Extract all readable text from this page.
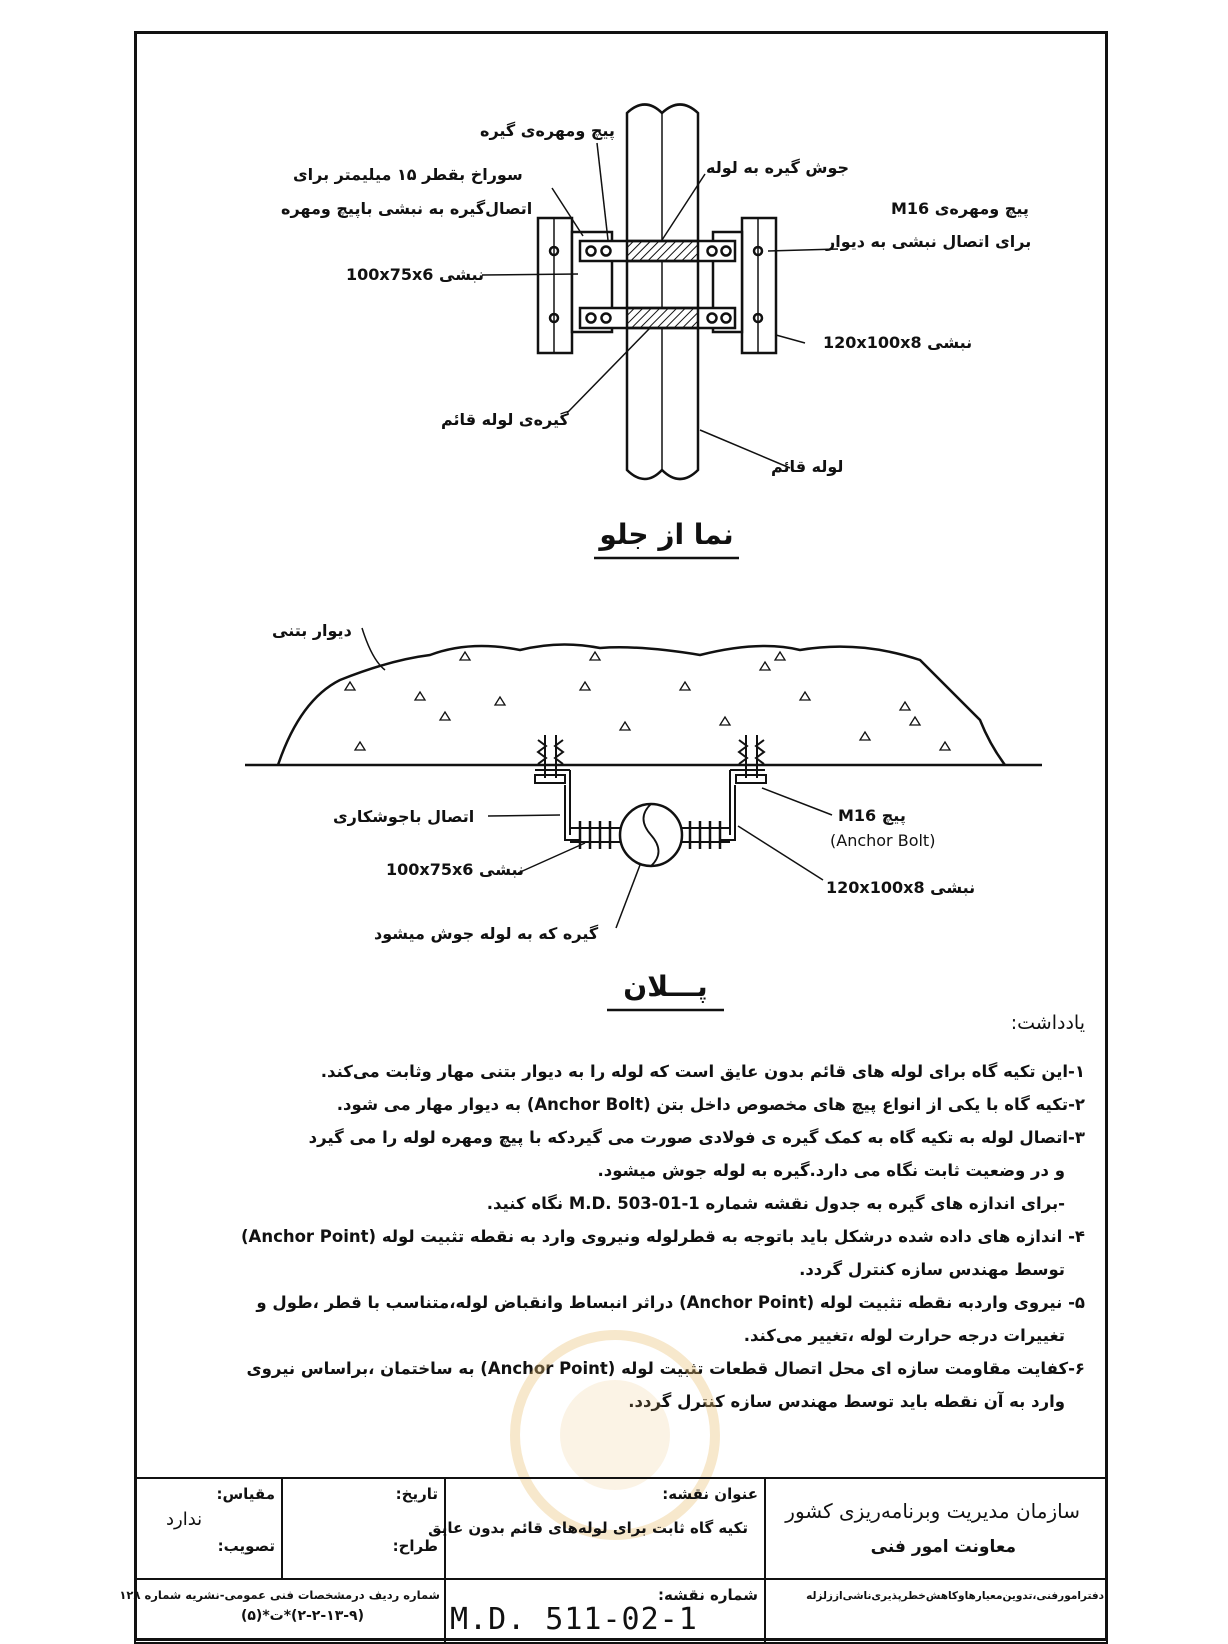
پیچ ومهره‌ی گیره
سوراخ بقطر ۱۵ میلیمتر برای
اتصال‌گیره به نبشی باپیچ ومهره
جوش گیره به لوله
پیچ ومهره‌ی M16
برای اتصال نبشی به دیوار
نبشی 100x75x6
نبشی 120x100x8
گیره‌ی لوله قائم
لوله قائم
نما از جلو
دیوار بتنی
اتصال باجوشکاری
نبشی 100x75x6
گیره که به لوله جوش میشود
پیچ M16
(Anchor Bolt)
نبشی 120x100x8
پـــلان
یادداشت:
۱-این تکیه گاه برای لوله های قائم بدون عایق است که لوله را به دیوار بتنی مهار وثابت می‌کند.
۲-تکیه گاه با یکی از انواع پیچ های مخصوص داخل بتن (Anchor Bolt) به دیوار مهار می شود.
۳-اتصال لوله به تکیه گاه به کمک گیره ی فولادی صورت می گیردکه با پیچ ومهره لوله را می گیرد
و در وضعیت ثابت نگاه می دارد.گیره به لوله جوش میشود.
-برای اندازه های گیره به جدول نقشه شماره M.D. 503-01-1 نگاه کنید.
۴- اندازه های داده شده درشکل باید باتوجه به قطرلوله ونیروی وارد به نقطه تثبیت لوله (Anchor Point)
توسط مهندس سازه کنترل گردد.
۵- نیروی واردبه نقطه تثبیت لوله (Anchor Point) دراثر انبساط وانقباض لوله،متناسب با قطر ،طول و
تغییرات درجه حرارت لوله ،تغییر می‌کند.
۶-کفایت مقاومت سازه ای محل اتصال قطعات تثبیت لوله (Anchor Point) به ساختمان ،براساس نیروی
وارد به آن نقطه باید توسط مهندس سازه کنترل گردد.
مقیاس:
ندارد
تصویب:
تاریخ:
طراح:
عنوان نقشه:
تکیه گاه ثابت برای لوله‌های قائم بدون عایق
سازمان مدیریت وبرنامه‌ریزی کشور
معاونت امور فنی
شماره ردیف درمشخصات فنی عمومی-نشریه شماره ۱۲۸
(۲-۲-۱۳-۹)*ت*(۵)
شماره نقشه:
M.D. 511-02-1
دفترامورفنی،تدوین‌معیارهاوکاهش‌خطرپذیری‌ناشی‌اززلزله
